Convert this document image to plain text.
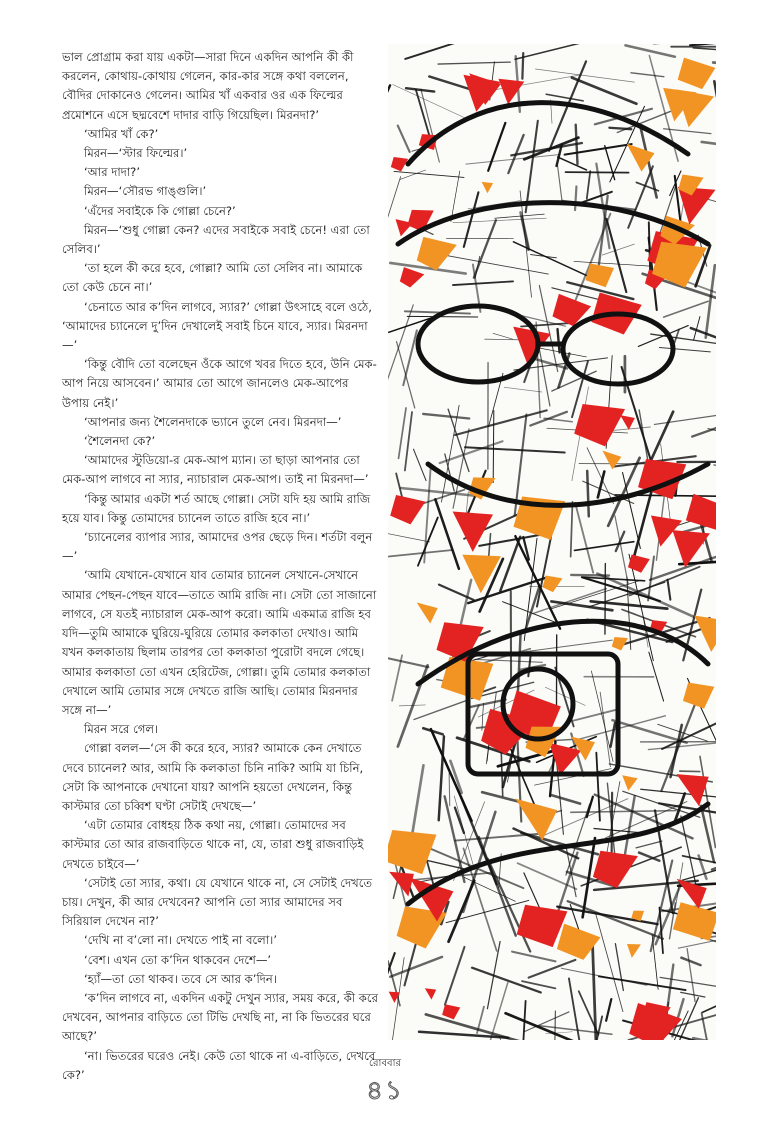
ভাল প্রোগ্রাম করা যায় একটা—সারা দিনে একদিন আপনি কী কী করলেন, কোথায়-কোথায় গেলেন, কার-কার সঙ্গে কথা বললেন, বৌদির দোকানেও গেলেন। আমির খাঁ একবার ওর এক ফিল্মের প্রমোশনে এসে ছদ্মবেশে দাদার বাড়ি গিয়েছিল। মিরনদা?’

‘আমির খাঁ কে?’

মিরন—‘স্টার ফিল্মের।’

‘আর দাদা?’

মিরন—‘সৌরভ গাঙ্গুলি।’

‘এঁদের সবাইকে কি গোল্লা চেনে?’

মিরন—‘শুধু গোল্লা কেন? এদের সবাইকে সবাই চেনে! এরা তো সেলিব।’

‘তা হলে কী করে হবে, গোল্লা? আমি তো সেলিব না। আমাকে তো কেউ চেনে না।’

‘চেনাতে আর ক’দিন লাগবে, স্যার?’ গোল্লা উৎসাহে বলে ওঠে, ‘আমাদের চ্যানেলে দু’দিন দেখালেই সবাই চিনে যাবে, স্যার। মিরনদা—’

‘কিন্তু বৌদি তো বলেছেন ওঁকে আগে খবর দিতে হবে, উনি মেক-আপ নিয়ে আসবেন।’ আমার তো আগে জানলেও মেক-আপের উপায় নেই।’

‘আপনার জন্য শৈলেনদাকে ভ্যানে তুলে নেব। মিরনদা—’

‘শৈলেনদা কে?’

‘আমাদের স্টুডিয়ো-র মেক-আপ ম্যান। তা ছাড়া আপনার তো মেক-আপ লাগবে না স্যার, ন্যাচারাল মেক-আপ। তাই না মিরনদা—’

‘কিন্তু আমার একটা শর্ত আছে গোল্লা। সেটা যদি হয় আমি রাজি হয়ে যাব। কিন্তু তোমাদের চ্যানেল তাতে রাজি হবে না।’

‘চ্যানেলের ব্যাপার স্যার, আমাদের ওপর ছেড়ে দিন। শর্তটা বলুন—’

‘আমি যেখানে-যেখানে যাব তোমার চ্যানেল সেখানে-সেখানে আমার পেছন-পেছন যাবে—তাতে আমি রাজি না। সেটা তো সাজানো লাগবে, সে যতই ন্যাচারাল মেক-আপ করো। আমি একমাত্র রাজি হব যদি—তুমি আমাকে ঘুরিয়ে-ঘুরিয়ে তোমার কলকাতা দেখাও। আমি যখন কলকাতায় ছিলাম তারপর তো কলকাতা পুরোটা বদলে গেছে। আমার কলকাতা তো এখন হেরিটেজ, গোল্লা। তুমি তোমার কলকাতা দেখালে আমি তোমার সঙ্গে দেখতে রাজি আছি। তোমার মিরনদার সঙ্গে না—’

মিরন সরে গেল।

গোল্লা বলল—‘সে কী করে হবে, স্যার? আমাকে কেন দেখাতে দেবে চ্যানেল? আর, আমি কি কলকাতা চিনি নাকি? আমি যা চিনি, সেটা কি আপনাকে দেখানো যায়? আপনি হয়তো দেখলেন, কিন্তু কাস্টমার তো চব্বিশ ঘণ্টা সেটাই দেখছে—’

‘এটা তোমার বোধহয় ঠিক কথা নয়, গোল্লা। তোমাদের সব কাস্টমার তো আর রাজবাড়িতে থাকে না, যে, তারা শুধু রাজবাড়িই দেখতে চাইবে—’

‘সেটাই তো স্যার, কথা। যে যেখানে থাকে না, সে সেটাই দেখতে চায়। দেখুন, কী আর দেখবেন? আপনি তো স্যার আমাদের সব সিরিয়াল দেখেন না?’

‘দেখি না ব’লো না। দেখতে পাই না বলো।’

‘বেশ। এখন তো ক’দিন থাকবেন দেশে—’

‘হ্যাঁ—তা তো থাকব। তবে সে আর ক’দিন।

‘ক’দিন লাগবে না, একদিন একটু দেখুন স্যার, সময় করে, কী করে দেখবেন, আপনার বাড়িতে তো টিভি দেখছি না, না কি ভিতরের ঘরে আছে?’

‘না। ভিতরের ঘরেও নেই। কেউ তো থাকে না এ-বাড়িতে, দেখবে কে?’

রোববার
৪১
